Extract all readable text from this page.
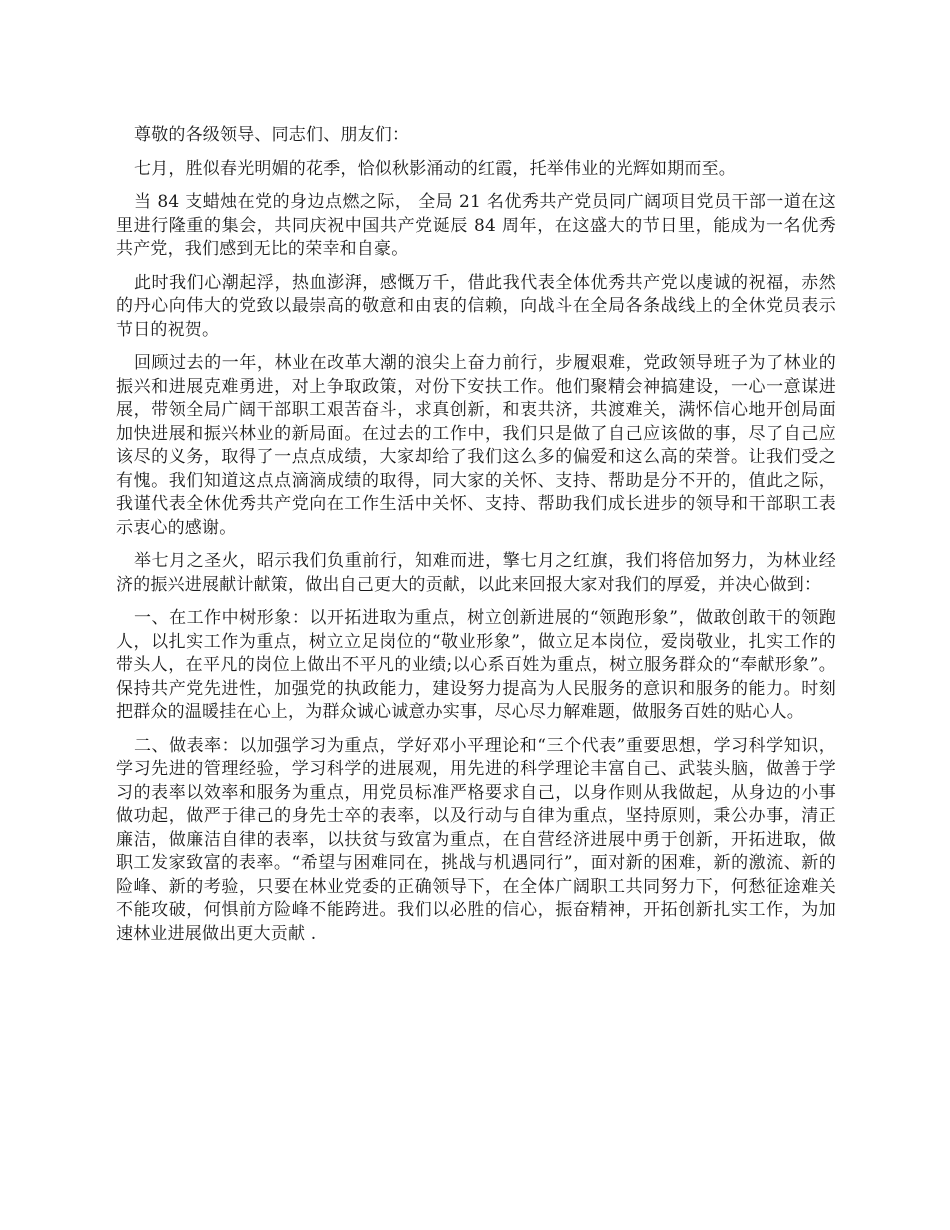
尊敬的各级领导、同志们、朋友们：

七月，胜似春光明媚的花季，恰似秋影涌动的红霞，托举伟业的光辉如期而至。

当 84 支蜡烛在党的身边点燃之际， 全局 21 名优秀共产党员同广阔项目党员干部一道在这里进行隆重的集会，共同庆祝中国共产党诞辰 84 周年，在这盛大的节日里，能成为一名优秀共产党，我们感到无比的荣幸和自豪。

此时我们心潮起浮，热血澎湃，感慨万千，借此我代表全体优秀共产党以虔诚的祝福，赤然的丹心向伟大的党致以最崇高的敬意和由衷的信赖，向战斗在全局各条战线上的全休党员表示节日的祝贺。

回顾过去的一年，林业在改革大潮的浪尖上奋力前行，步履艰难，党政领导班子为了林业的振兴和进展克难勇进，对上争取政策，对份下安扶工作。他们聚精会神搞建设，一心一意谋进展，带领全局广阔干部职工艰苦奋斗，求真创新，和衷共济，共渡难关，满怀信心地开创局面加快进展和振兴林业的新局面。在过去的工作中，我们只是做了自己应该做的事，尽了自己应该尽的义务，取得了一点点成绩，大家却给了我们这么多的偏爱和这么高的荣誉。让我们受之有愧。我们知道这点点滴滴成绩的取得，同大家的关怀、支持、帮助是分不开的，值此之际，我谨代表全休优秀共产党向在工作生活中关怀、支持、帮助我们成长进步的领导和干部职工表示衷心的感谢。

举七月之圣火，昭示我们负重前行，知难而进，擎七月之红旗，我们将倍加努力，为林业经济的振兴进展献计献策，做出自己更大的贡献，以此来回报大家对我们的厚爱，并决心做到：

一、在工作中树形象：以开拓进取为重点，树立创新进展的“领跑形象”，做敢创敢干的领跑人，以扎实工作为重点，树立立足岗位的“敬业形象”，做立足本岗位，爱岗敬业，扎实工作的带头人，在平凡的岗位上做出不平凡的业绩;以心系百姓为重点，树立服务群众的“奉献形象”。保持共产党先进性，加强党的执政能力，建设努力提高为人民服务的意识和服务的能力。时刻把群众的温暖挂在心上，为群众诚心诚意办实事，尽心尽力解难题，做服务百姓的贴心人。

二、做表率：以加强学习为重点，学好邓小平理论和“三个代表”重要思想，学习科学知识，学习先进的管理经验，学习科学的进展观，用先进的科学理论丰富自己、武装头脑，做善于学习的表率以效率和服务为重点，用党员标准严格要求自己，以身作则从我做起，从身边的小事做功起，做严于律己的身先士卒的表率，以及行动与自律为重点，坚持原则，秉公办事，清正廉洁，做廉洁自律的表率，以扶贫与致富为重点，在自营经济进展中勇于创新，开拓进取，做职工发家致富的表率。“希望与困难同在，挑战与机遇同行”，面对新的困难，新的激流、新的险峰、新的考验，只要在林业党委的正确领导下，在全体广阔职工共同努力下，何愁征途难关不能攻破，何惧前方险峰不能跨进。我们以必胜的信心，振奋精神，开拓创新扎实工作，为加速林业进展做出更大贡献 .
